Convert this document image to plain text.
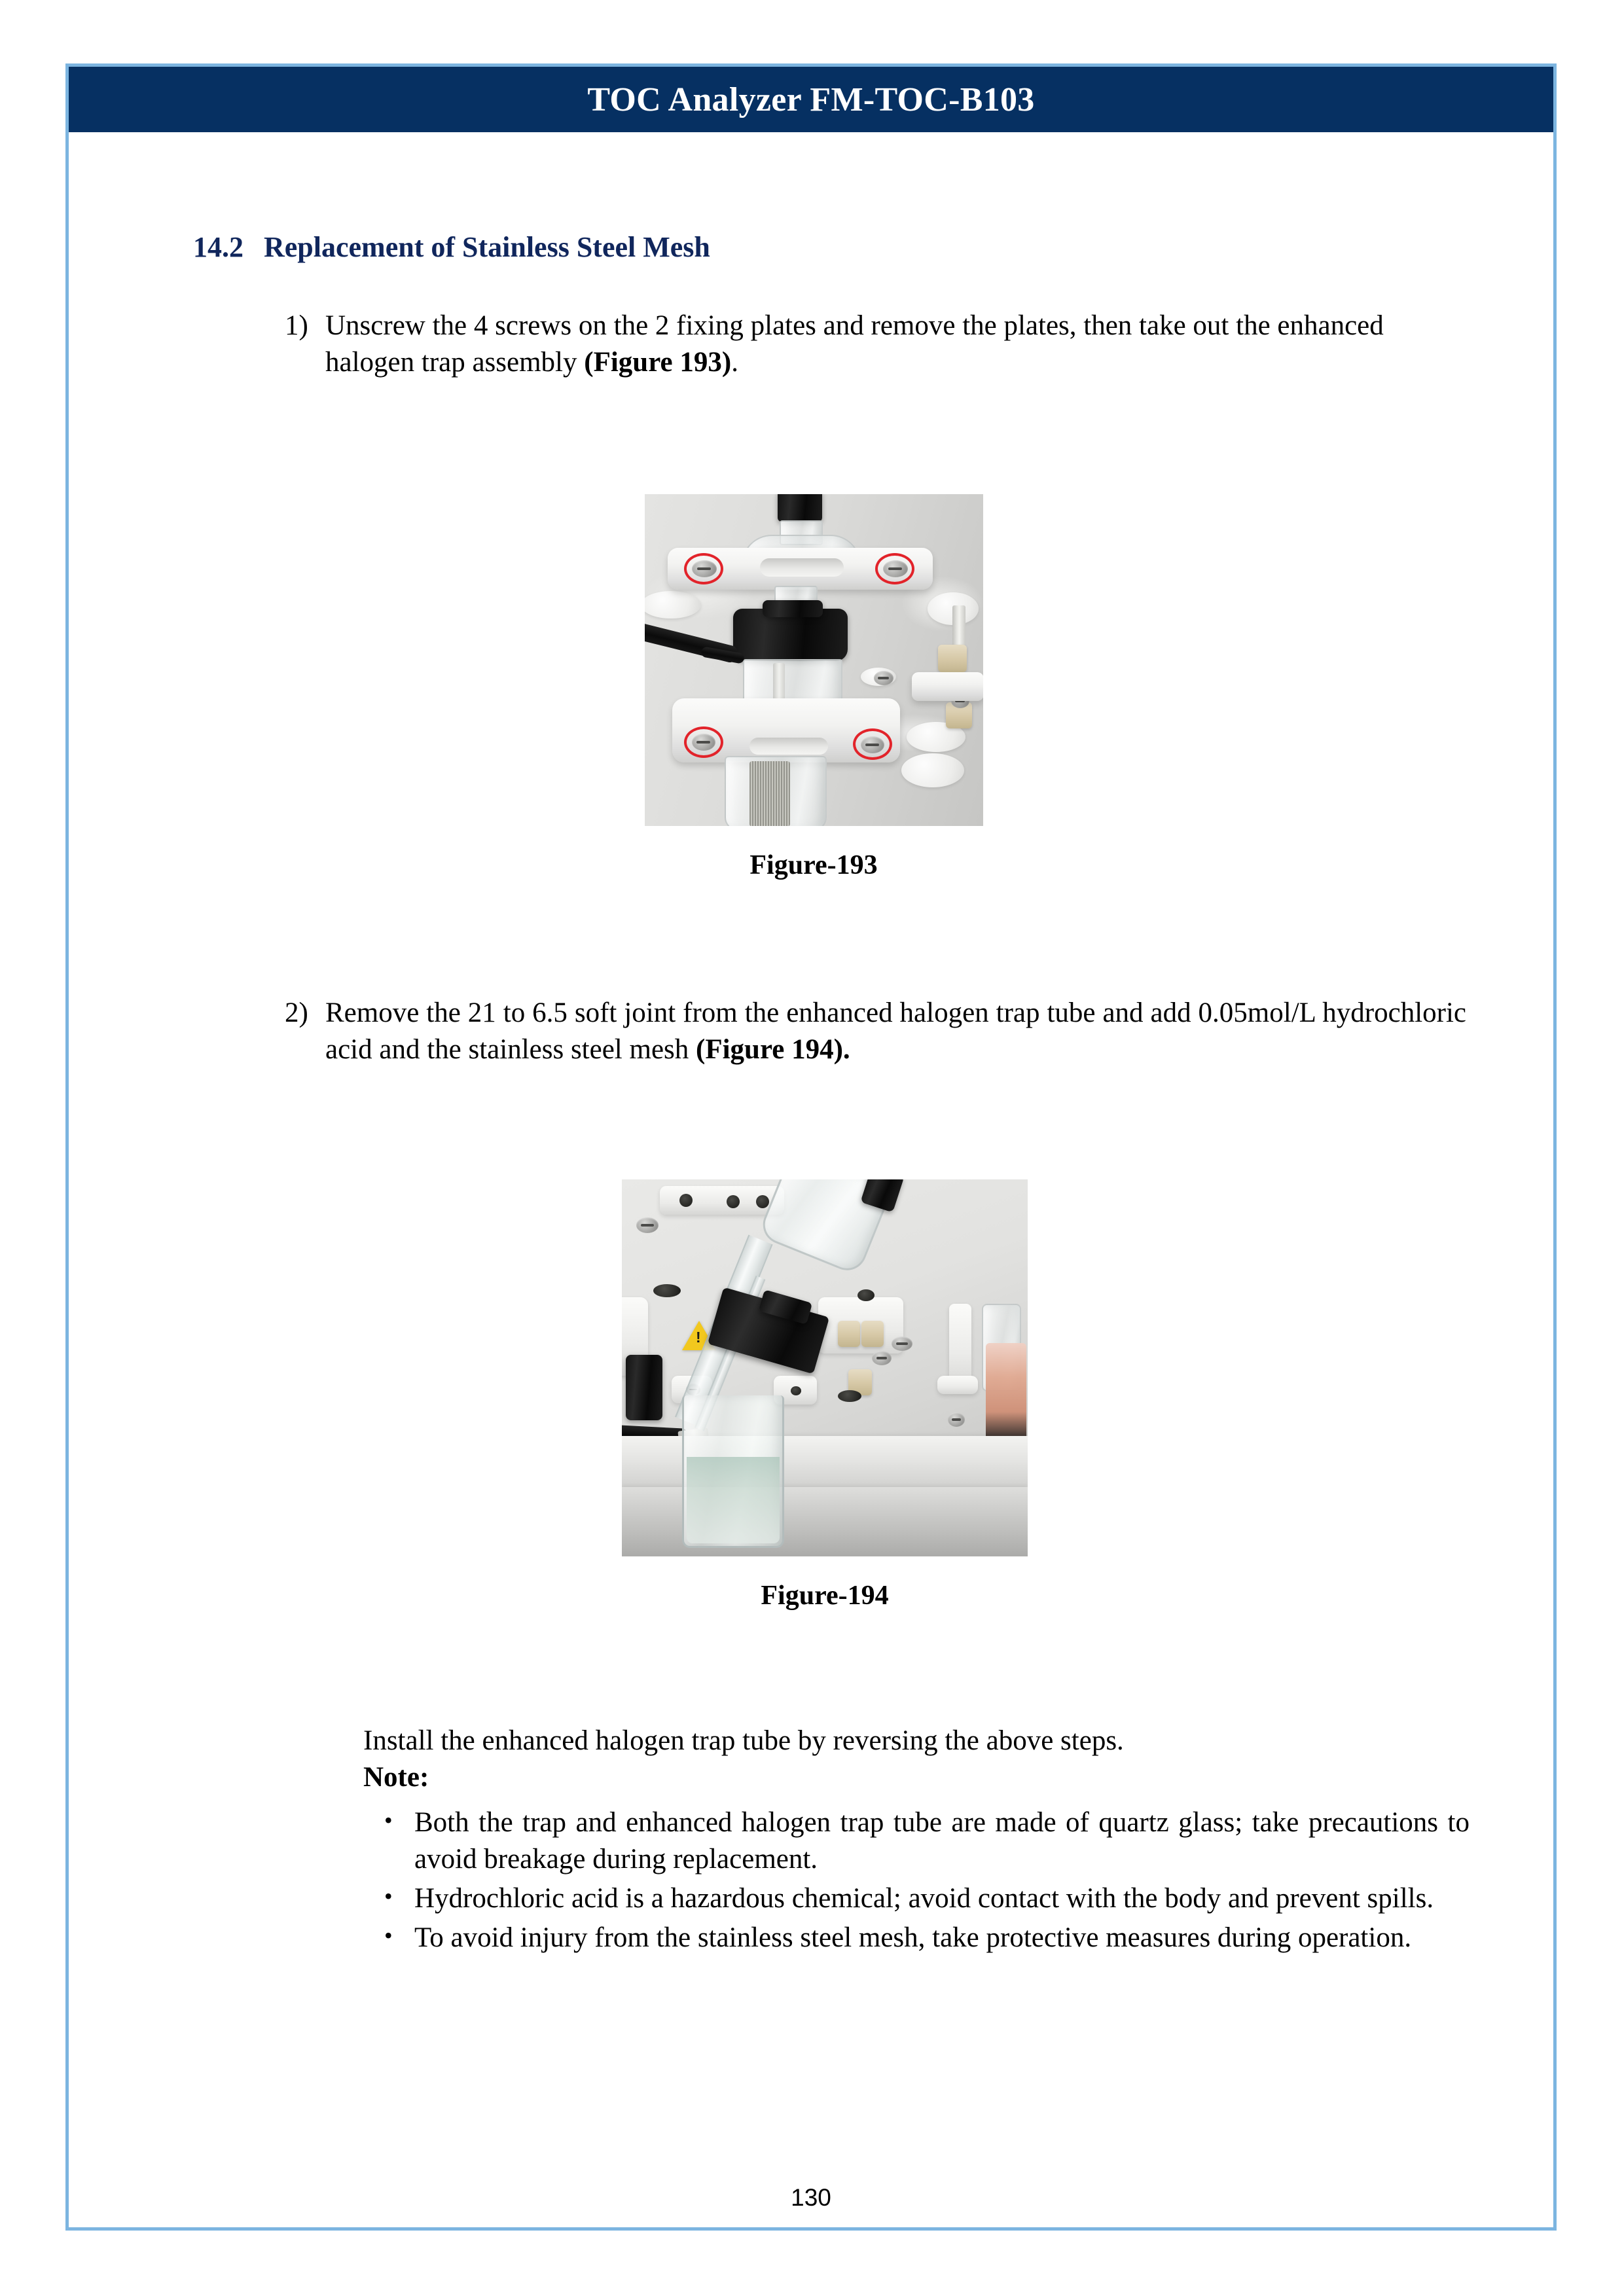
TOC Analyzer FM-TOC-B103
14.2 Replacement of Stainless Steel Mesh
1) Unscrew the 4 screws on the 2 fixing plates and remove the plates, then take out the enhanced halogen trap assembly (Figure 193).
Figure-193
2) Remove the 21 to 6.5 soft joint from the enhanced halogen trap tube and add 0.05mol/L hydrochloric acid and the stainless steel mesh (Figure 194).
!
Figure-194
Install the enhanced halogen trap tube by reversing the above steps.
Note:
• Both the trap and enhanced halogen trap tube are made of quartz glass; take precautions to avoid breakage during replacement.
• Hydrochloric acid is a hazardous chemical; avoid contact with the body and prevent spills.
• To avoid injury from the stainless steel mesh, take protective measures during operation.
130
